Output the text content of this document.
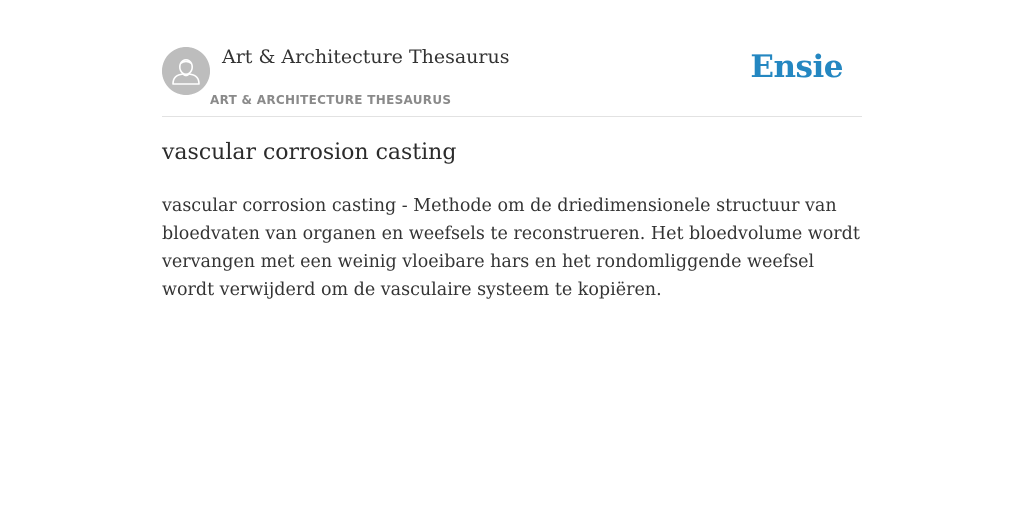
Art & Architecture Thesaurus
ART & ARCHITECTURE THESAURUS
Ensie
vascular corrosion casting

vascular corrosion casting - Methode om de driedimensionele structuur van bloedvaten van organen en weefsels te reconstrueren. Het bloedvolume wordt vervangen met een weinig vloeibare hars en het rondomliggende weefsel wordt verwijderd om de vasculaire systeem te kopiëren.
